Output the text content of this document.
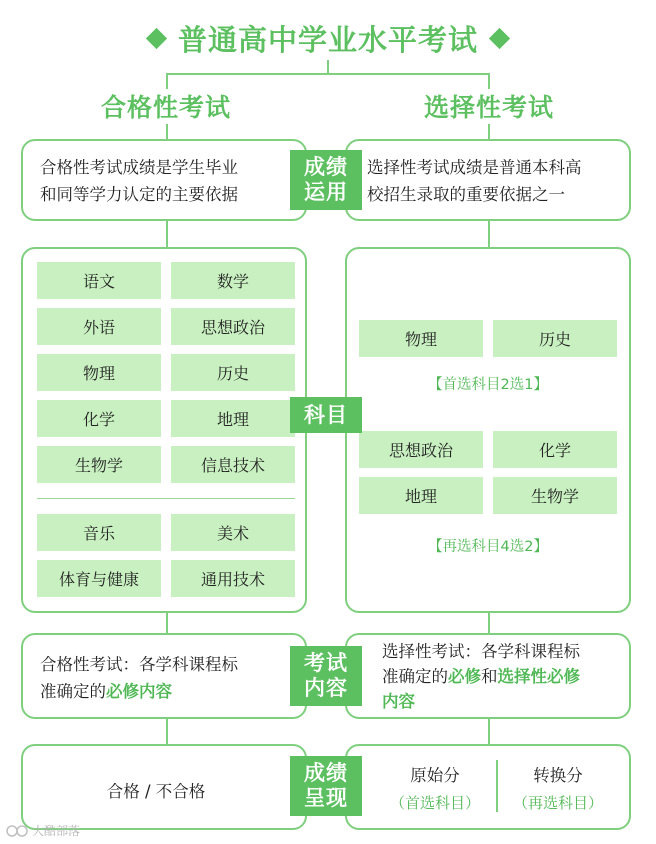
普通高中学业水平考试
合格性考试	选择性考试
合格性考试成绩是学生毕业
和同等学力认定的主要依据
选择性考试成绩是普通本科高
校招生录取的重要依据之一
成绩
运用
语文	数学
外语	思想政治
物理	历史
化学	地理
生物学	信息技术
音乐	美术
体育与健康	通用技术
物理	历史
【首选科目2选1】
思想政治	化学
地理	生物学
【再选科目4选2】
科目
合格性考试：各学科课程标
准确定的必修内容
选择性考试：各学科课程标
准确定的必修和选择性必修
内容
考试
内容
合格 / 不合格
原始分
（首选科目）
转换分
（再选科目）
成绩
呈现
大酷部落
